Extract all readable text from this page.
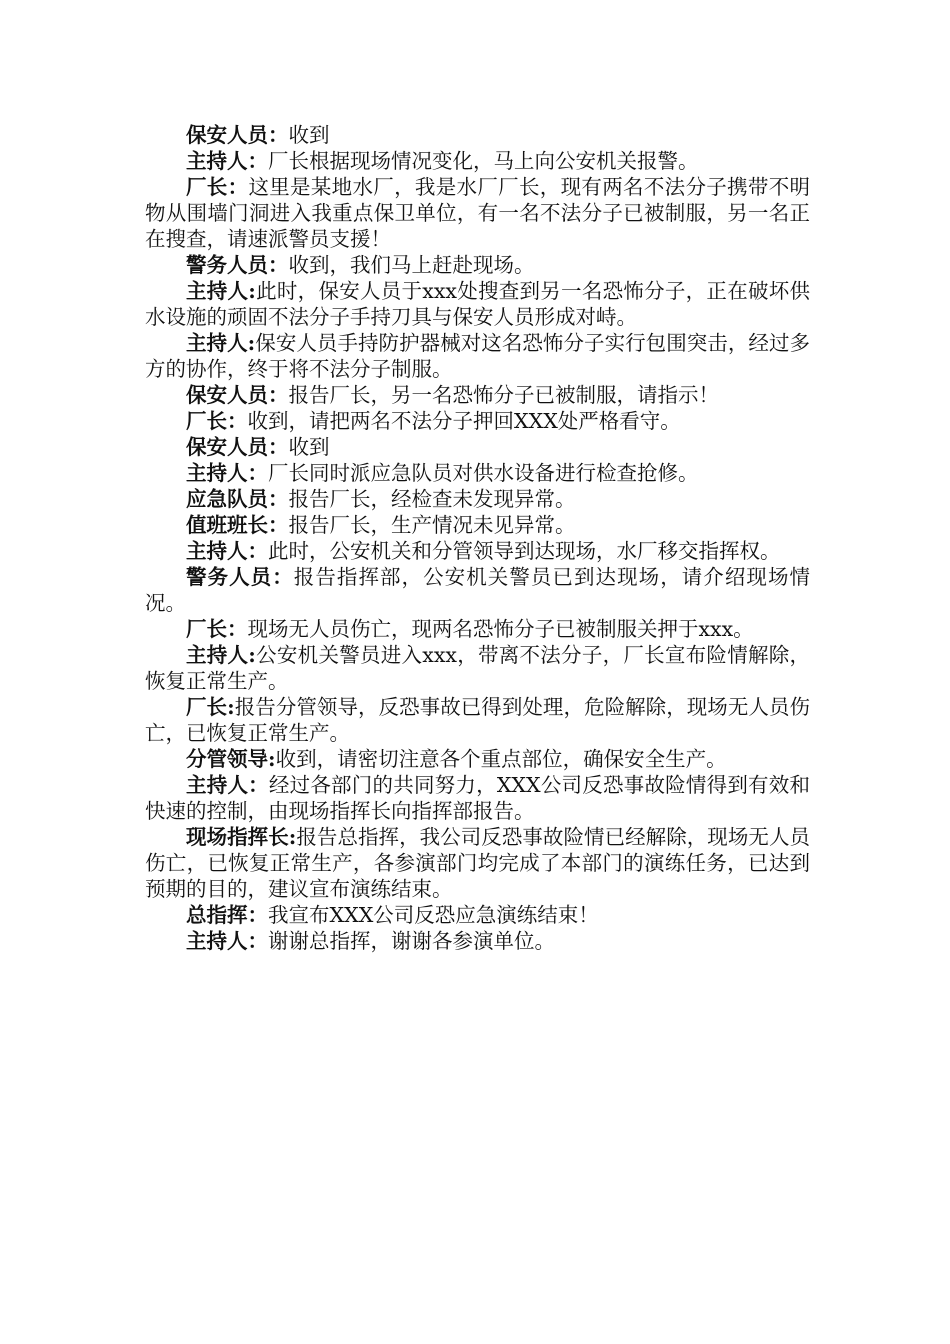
保安人员：收到

主持人：厂长根据现场情况变化，马上向公安机关报警。

厂长：这里是某地水厂，我是水厂厂长，现有两名不法分子携带不明物从围墙门洞进入我重点保卫单位，有一名不法分子已被制服，另一名正在搜查，请速派警员支援！

警务人员：收到，我们马上赶赴现场。

主持人:此时，保安人员于xxx处搜查到另一名恐怖分子，正在破坏供水设施的顽固不法分子手持刀具与保安人员形成对峙。

主持人:保安人员手持防护器械对这名恐怖分子实行包围突击，经过多方的协作，终于将不法分子制服。

保安人员：报告厂长，另一名恐怖分子已被制服，请指示！

厂长：收到，请把两名不法分子押回XXX处严格看守。

保安人员：收到

主持人：厂长同时派应急队员对供水设备进行检查抢修。

应急队员：报告厂长，经检查未发现异常。

值班班长：报告厂长，生产情况未见异常。

主持人：此时，公安机关和分管领导到达现场，水厂移交指挥权。

警务人员：报告指挥部，公安机关警员已到达现场，请介绍现场情况。

厂长：现场无人员伤亡，现两名恐怖分子已被制服关押于xxx。

主持人:公安机关警员进入xxx，带离不法分子，厂长宣布险情解除，恢复正常生产。

厂长:报告分管领导，反恐事故已得到处理，危险解除，现场无人员伤亡，已恢复正常生产。

分管领导:收到，请密切注意各个重点部位，确保安全生产。

主持人：经过各部门的共同努力，XXX公司反恐事故险情得到有效和快速的控制，由现场指挥长向指挥部报告。

现场指挥长:报告总指挥，我公司反恐事故险情已经解除，现场无人员伤亡，已恢复正常生产，各参演部门均完成了本部门的演练任务，已达到预期的目的，建议宣布演练结束。

总指挥：我宣布XXX公司反恐应急演练结束！

主持人：谢谢总指挥，谢谢各参演单位。
